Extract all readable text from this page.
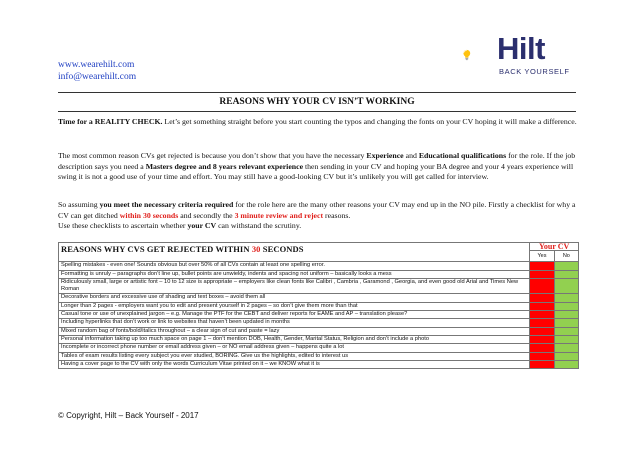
www.wearehilt.com
info@wearehilt.com
Hilt
BACK YOURSELF
REASONS WHY YOUR CV ISN’T WORKING
Time for a REALITY CHECK. Let’s get something straight before you start counting the typos and changing the fonts on your CV hoping it will make a difference.
The most common reason CVs get rejected is because you don’t show that you have the necessary Experience and Educational qualifications for the role. If the job description says you need a Masters degree and 8 years relevant experience then sending in your CV and hoping your BA degree and your 4 years experience will swing it is not a good use of your time and effort. You may still have a good-looking CV but it’s unlikely you will get called for interview.
So assuming you meet the necessary criteria required for the role here are the many other reasons your CV may end up in the NO pile. Firstly a checklist for why a CV can get ditched within 30 seconds and secondly the 3 minute review and reject reasons.
Use these checklists to ascertain whether your CV can withstand the scrutiny.
REASONS WHY CVS GET REJECTED WITHIN 30 SECONDS	Your CV	
	Yes	No
Spelling mistakes - even one! Sounds obvious but over 50% of all CVs contain at least one spelling error.		
Formatting is unruly – paragraphs don’t line up, bullet points are unwieldy, indents and spacing not uniform – basically looks a mess		
Ridiculously small, large or artistic font – 10 to 12 size is appropriate – employers like clean fonts like Calibri , Cambria , Garamond , Georgia, and even good old Arial and Times New Roman		
Decorative borders and excessive use of shading and text boxes – avoid them all		
Longer than 2 pages - employers want you to edit and present yourself in 2 pages – so don’t give them more than that		
Casual tone or use of unexplained jargon – e.g. Manage the PTF for the CEBT and deliver reports for EAME and AP – translation please?		
Including hyperlinks that don’t work or link to websites that haven’t been updated in months		
Mixed random bag of fonts/bold/italics throughout – a clear sign of cut and paste = lazy		
Personal information taking up too much space on page 1 – don’t mention DOB, Health, Gender, Marital Status, Religion and don’t include a photo		
Incomplete or incorrect phone number or email address given – or NO email address given – happens quite a lot		
Tables of exam results listing every subject you ever studied, BORING. Give us the highlights, edited to interest us		
Having a cover page to the CV with only the words Curriculum Vitae printed on it – we KNOW what it is		
© Copyright, Hilt – Back Yourself - 2017
